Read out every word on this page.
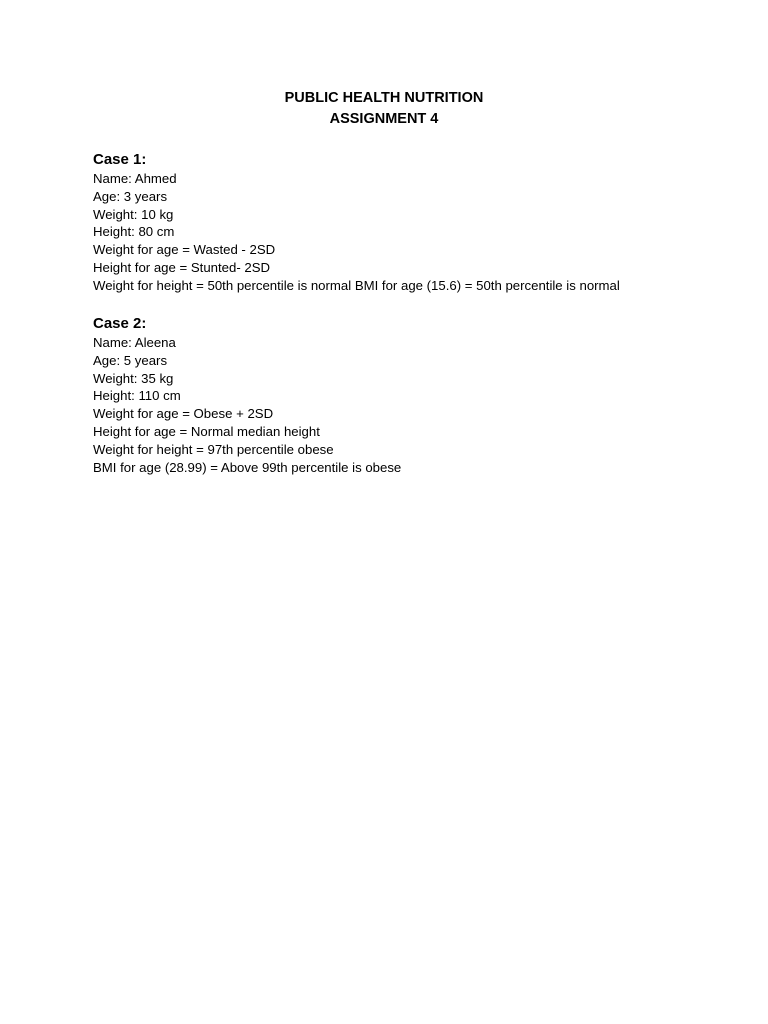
PUBLIC HEALTH NUTRITION
ASSIGNMENT 4
Case 1:
Name: Ahmed
Age: 3 years
Weight: 10 kg
Height: 80 cm
Weight for age = Wasted - 2SD
Height for age = Stunted- 2SD
Weight for height = 50th percentile is normal BMI for age (15.6) = 50th percentile is normal
Case 2:
Name: Aleena
Age: 5 years
Weight: 35 kg
Height: 110 cm
Weight for age = Obese + 2SD
Height for age = Normal median height
Weight for height = 97th percentile obese
BMI for age (28.99) = Above 99th percentile is obese
